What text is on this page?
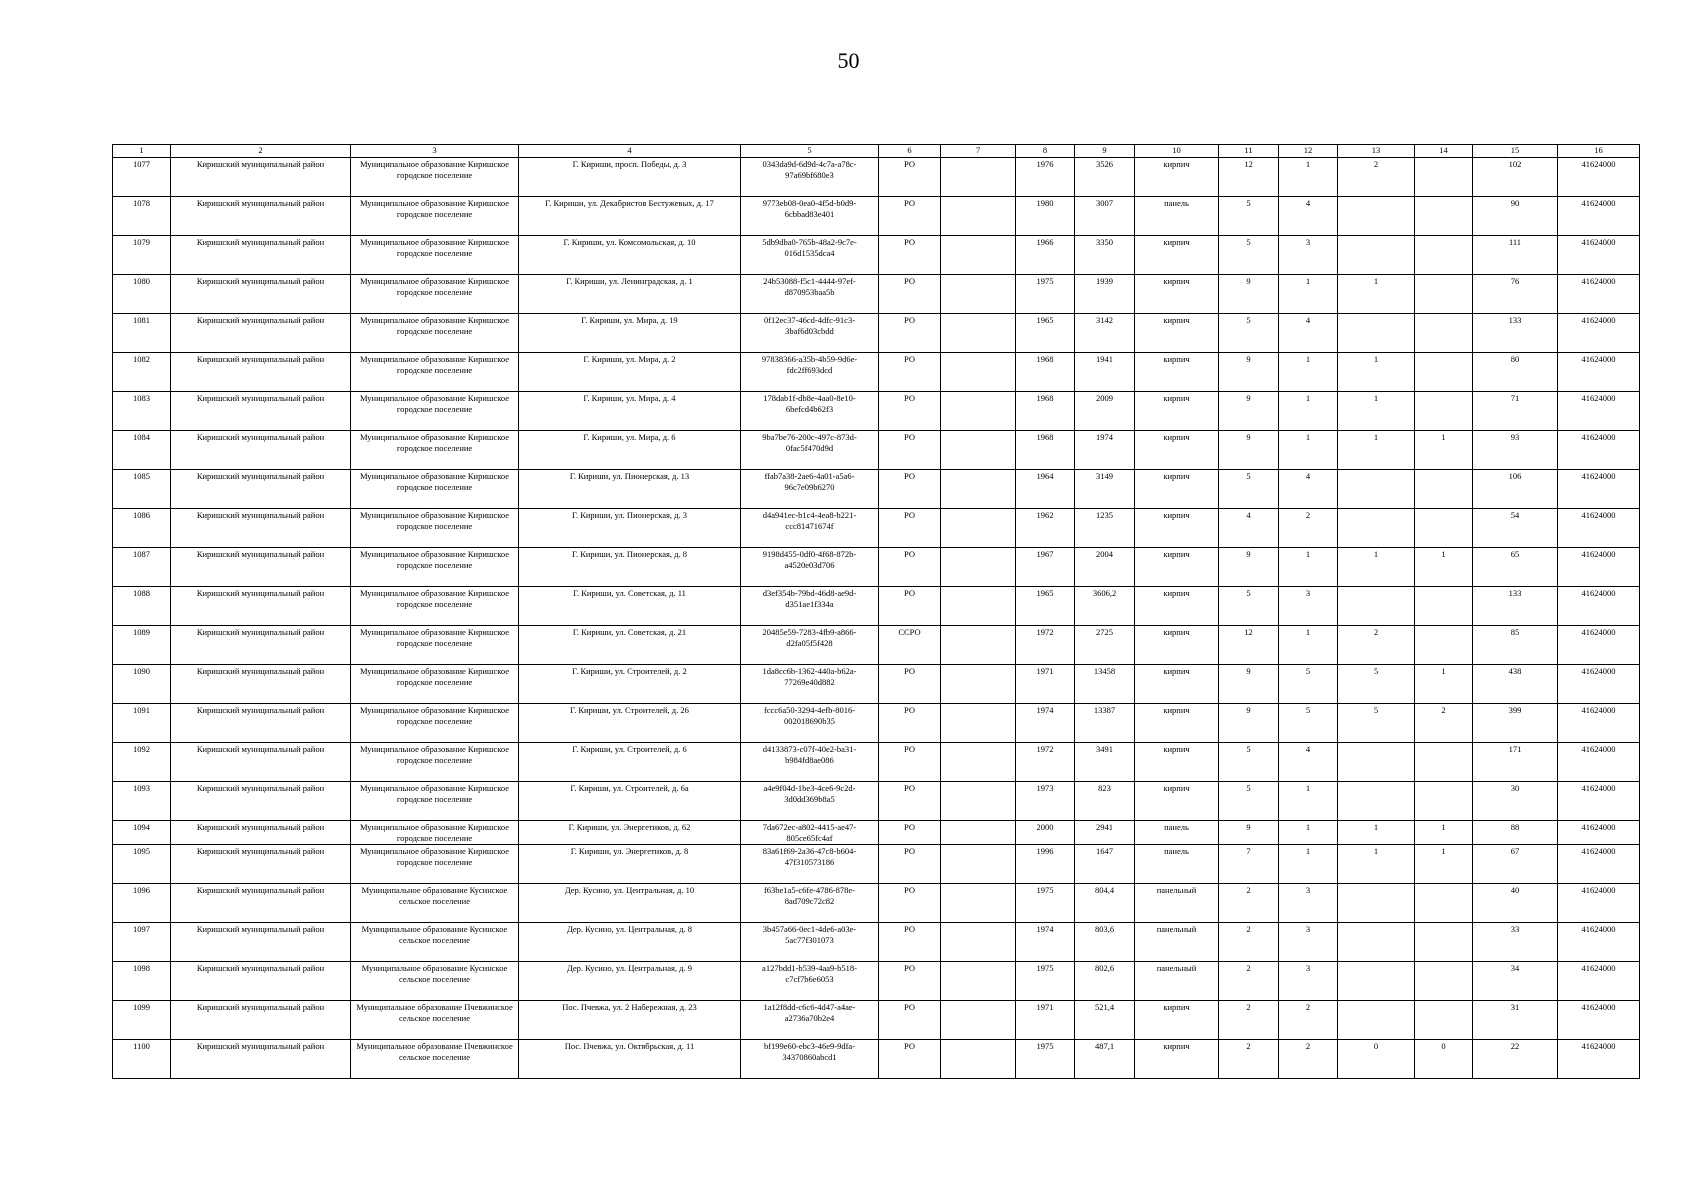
50
1	2	3	4	5	6	7	8	9	10	11	12	13	14	15	16
1077	Киришский муниципальный район	Муниципальное образование Киришское городское поселение	Г. Кириши, просп. Победы, д. 3	0343da9d-6d9d-4c7a-a78c-97a69bf680e3	РО		1976	3526	кирпич	12	1	2		102	41624000
1078	Киришский муниципальный район	Муниципальное образование Киришское городское поселение	Г. Кириши, ул. Декабристов Бестужевых, д. 17	9773eb08-0ea0-4f5d-b0d9-6cbbad83e401	РО		1980	3007	панель	5	4			90	41624000
1079	Киришский муниципальный район	Муниципальное образование Киришское городское поселение	Г. Кириши, ул. Комсомольская, д. 10	5db9dba0-765b-48a2-9c7e-016d1535dca4	РО		1966	3350	кирпич	5	3			111	41624000
1080	Киришский муниципальный район	Муниципальное образование Киришское городское поселение	Г. Кириши, ул. Ленинградская, д. 1	24b53088-f5c1-4444-97ef-d870953baa5b	РО		1975	1939	кирпич	9	1	1		76	41624000
1081	Киришский муниципальный район	Муниципальное образование Киришское городское поселение	Г. Кириши, ул. Мира, д. 19	0f12ec37-46cd-4dfc-91c3-3baf6d03cbdd	РО		1965	3142	кирпич	5	4			133	41624000
1082	Киришский муниципальный район	Муниципальное образование Киришское городское поселение	Г. Кириши, ул. Мира, д. 2	97838366-a35b-4b59-9d6e-fdc2ff693dcd	РО		1968	1941	кирпич	9	1	1		80	41624000
1083	Киришский муниципальный район	Муниципальное образование Киришское городское поселение	Г. Кириши, ул. Мира, д. 4	178dab1f-db8e-4aa0-8e10-6befcd4b62f3	РО		1968	2009	кирпич	9	1	1		71	41624000
1084	Киришский муниципальный район	Муниципальное образование Киришское городское поселение	Г. Кириши, ул. Мира, д. 6	9ba7be76-200c-497c-873d-0fac5f470d9d	РО		1968	1974	кирпич	9	1	1	1	93	41624000
1085	Киришский муниципальный район	Муниципальное образование Киришское городское поселение	Г. Кириши, ул. Пионерская, д. 13	ffab7a38-2ae6-4a01-a5a6-96c7e09b6270	РО		1964	3149	кирпич	5	4			106	41624000
1086	Киришский муниципальный район	Муниципальное образование Киришское городское поселение	Г. Кириши, ул. Пионерская, д. 3	d4a941ec-b1c4-4ea8-b221-ccc81471674f	РО		1962	1235	кирпич	4	2			54	41624000
1087	Киришский муниципальный район	Муниципальное образование Киришское городское поселение	Г. Кириши, ул. Пионерская, д. 8	9198d455-0df0-4f68-872b-a4520e03d706	РО		1967	2004	кирпич	9	1	1	1	65	41624000
1088	Киришский муниципальный район	Муниципальное образование Киришское городское поселение	Г. Кириши, ул. Советская, д. 11	d3ef354b-79bd-46d8-ae9d-d351ae1f334a	РО		1965	3606,2	кирпич	5	3			133	41624000
1089	Киришский муниципальный район	Муниципальное образование Киришское городское поселение	Г. Кириши, ул. Советская, д. 21	20485e59-7283-4fb9-a866-d2fa05f5f428	ССРО		1972	2725	кирпич	12	1	2		85	41624000
1090	Киришский муниципальный район	Муниципальное образование Киришское городское поселение	Г. Кириши, ул. Строителей, д. 2	1da8cc6b-1362-440a-b62a-77269e40d882	РО		1971	13458	кирпич	9	5	5	1	438	41624000
1091	Киришский муниципальный район	Муниципальное образование Киришское городское поселение	Г. Кириши, ул. Строителей, д. 26	fccc6a50-3294-4efb-8016-002018690b35	РО		1974	13387	кирпич	9	5	5	2	399	41624000
1092	Киришский муниципальный район	Муниципальное образование Киришское городское поселение	Г. Кириши, ул. Строителей, д. 6	d4133873-c07f-40e2-ba31-b984fd8ae086	РО		1972	3491	кирпич	5	4			171	41624000
1093	Киришский муниципальный район	Муниципальное образование Киришское городское поселение	Г. Кириши, ул. Строителей, д. 6а	a4e9f04d-1be3-4ce6-9c2d-3d0dd369b8a5	РО		1973	823	кирпич	5	1			30	41624000
1094	Киришский муниципальный район	Муниципальное образование Киришское городское поселение	Г. Кириши, ул. Энергетиков, д. 62	7da672ec-a802-4415-ae47-805ce65fc4af	РО		2000	2941	панель	9	1	1	1	88	41624000
1095	Киришский муниципальный район	Муниципальное образование Киришское городское поселение	Г. Кириши, ул. Энергетиков, д. 8	83a61f69-2a36-47c8-b604-47f310573186	РО		1996	1647	панель	7	1	1	1	67	41624000
1096	Киришский муниципальный район	Муниципальное образование Кусинское сельское поселение	Дер. Кусино, ул. Центральная, д. 10	f63be1a5-c6fe-4786-878e-8ad709c72c82	РО		1975	804,4	панельный	2	3			40	41624000
1097	Киришский муниципальный район	Муниципальное образование Кусинское сельское поселение	Дер. Кусино, ул. Центральная, д. 8	3b457a66-0ec1-4de6-a03e-5ac77f301073	РО		1974	803,6	панельный	2	3			33	41624000
1098	Киришский муниципальный район	Муниципальное образование Кусинское сельское поселение	Дер. Кусино, ул. Центральная, д. 9	a127bdd1-b539-4aa9-b518-c7cf7b6e6053	РО		1975	802,6	панельный	2	3			34	41624000
1099	Киришский муниципальный район	Муниципальное образование Пчевжинское сельское поселение	Пос. Пчевжа, ул. 2 Набережная, д. 23	1a12f8dd-c6c6-4d47-a4ae-a2736a70b2e4	РО		1971	521,4	кирпич	2	2			31	41624000
1100	Киришский муниципальный район	Муниципальное образование Пчевжинское сельское поселение	Пос. Пчевжа, ул. Октябрьская, д. 11	bf199e60-ebc3-46e9-9dfa-34370860abcd1	РО		1975	487,1	кирпич	2	2	0	0	22	41624000
